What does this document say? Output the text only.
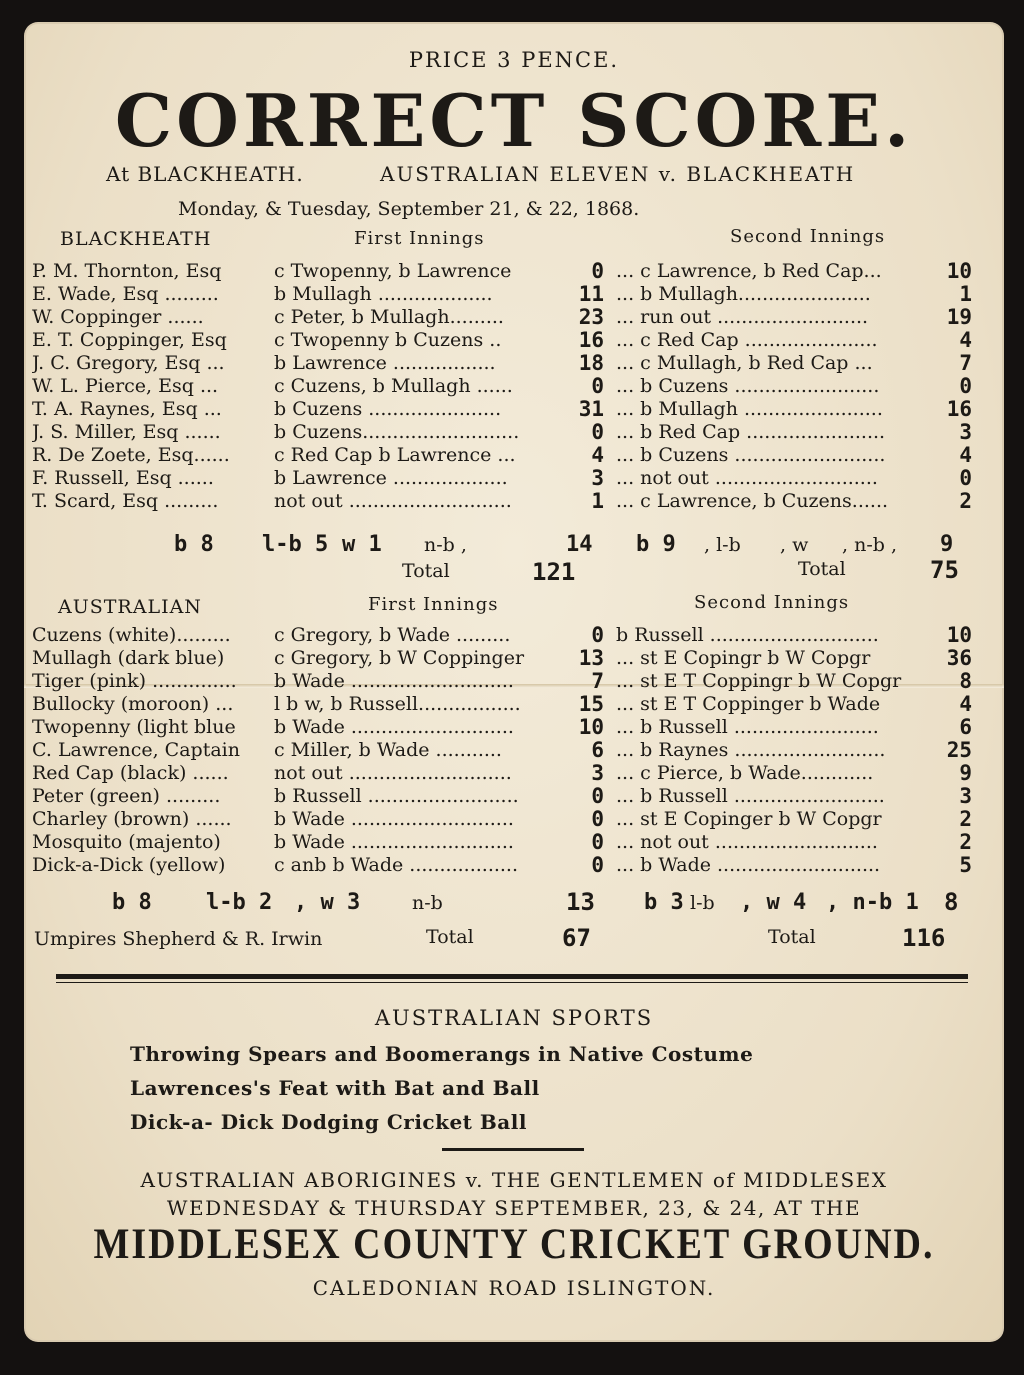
PRICE 3 PENCE.
CORRECT SCORE.
At BLACKHEATH.	AUSTRALIAN ELEVEN v. BLACKHEATH
Monday, & Tuesday, September 21, & 22, 1868.
BLACKHEATH	First Innings	Second Innings
P. M. Thornton, Esq	c Twopenny, b Lawrence	0 ... c Lawrence, b Red Cap...	10
E. Wade, Esq .........	b Mullagh ...................	11 ... b Mullagh......................	1
W. Coppinger ......	c Peter, b Mullagh.........	23 ... run out .........................	19
E. T. Coppinger, Esq	c Twopenny b Cuzens ..	16 ... c Red Cap ......................	4
J. C. Gregory, Esq ...	b Lawrence .................	18 ... c Mullagh, b Red Cap ...	7
W. L. Pierce, Esq ...	c Cuzens, b Mullagh ......	0 ... b Cuzens ........................	0
T. A. Raynes, Esq ...	b Cuzens ......................	31 ... b Mullagh .......................	16
J. S. Miller, Esq ......	b Cuzens..........................	0 ... b Red Cap .......................	3
R. De Zoete, Esq......	c Red Cap b Lawrence ...	4 ... b Cuzens .........................	4
F. Russell, Esq ......	b Lawrence ...................	3 ... not out ...........................	0
T. Scard, Esq .........	not out ...........................	1 ... c Lawrence, b Cuzens......	2
b 8 l-b 5 w 1 n-b ,	14 b 9 , l-b , w , n-b , 9
Total	121	Total	75
AUSTRALIAN	First Innings	Second Innings
Cuzens (white).........	c Gregory, b Wade .........	0 b Russell ............................	10
Mullagh (dark blue)	c Gregory, b W Coppinger	13 ... st E Copingr b W Copgr	36
Tiger (pink) ..............	b Wade ...........................	7 ... st E T Coppingr b W Copgr	8
Bullocky (moroon) ...	l b w, b Russell.................	15 ... st E T Coppinger b Wade	4
Twopenny (light blue	b Wade ...........................	10 ... b Russell ........................	6
C. Lawrence, Captain	c Miller, b Wade ...........	6 ... b Raynes .........................	25
Red Cap (black) ......	not out ...........................	3 ... c Pierce, b Wade............	9
Peter (green) .........	b Russell .........................	0 ... b Russell .........................	3
Charley (brown) ......	b Wade ...........................	0 ... st E Copinger b W Copgr	2
Mosquito (majento)	b Wade ...........................	0 ... not out ...........................	2
Dick-a-Dick (yellow)	c anb b Wade ..................	0 ... b Wade ...........................	5
b 8 l-b 2 , w 3	n-b	13 b 3 l-b , w 4 , n-b 1 8
Umpires Shepherd & R. Irwin	Total	67	Total	116
AUSTRALIAN SPORTS
Throwing Spears and Boomerangs in Native Costume
Lawrences's Feat with Bat and Ball
Dick-a- Dick Dodging Cricket Ball
AUSTRALIAN ABORIGINES v. THE GENTLEMEN of MIDDLESEX
WEDNESDAY & THURSDAY SEPTEMBER, 23, & 24, AT THE
MIDDLESEX COUNTY CRICKET GROUND.
CALEDONIAN ROAD ISLINGTON.
